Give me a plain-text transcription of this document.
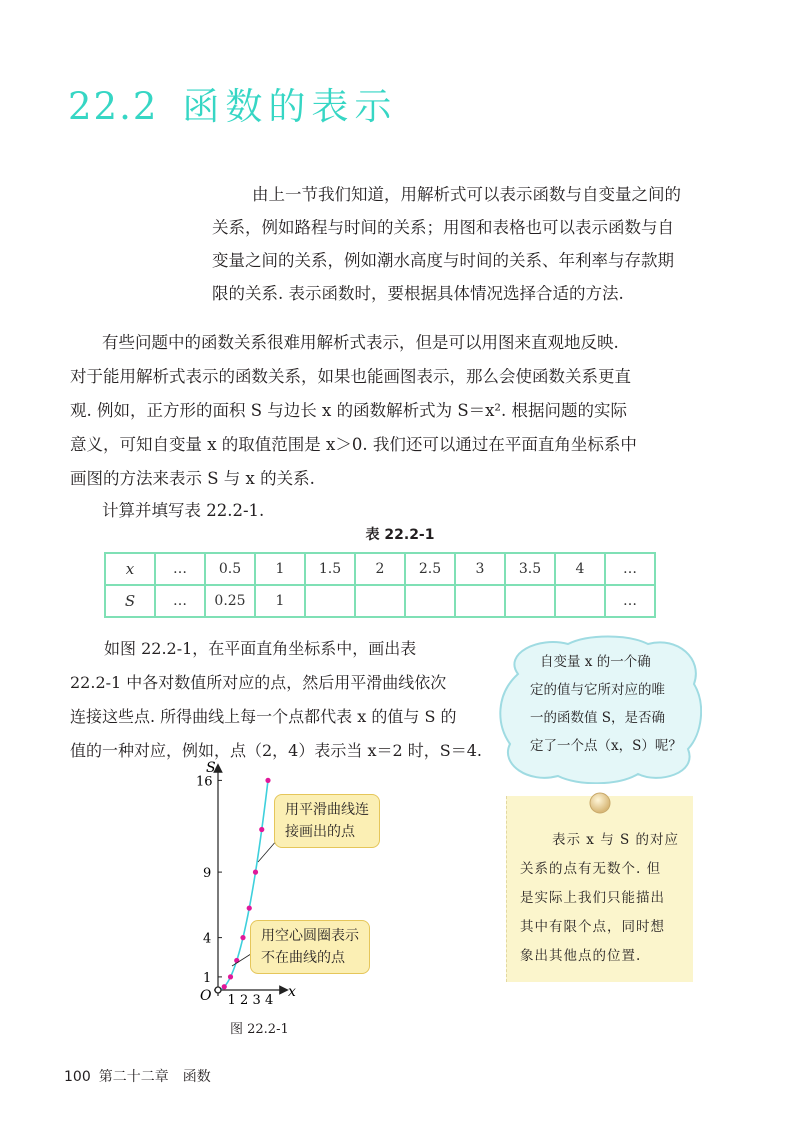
22.2 函数的表示
由上一节我们知道，用解析式可以表示函数与自变量之间的
关系，例如路程与时间的关系；用图和表格也可以表示函数与自
变量之间的关系，例如潮水高度与时间的关系、年利率与存款期
限的关系. 表示函数时，要根据具体情况选择合适的方法.
有些问题中的函数关系很难用解析式表示，但是可以用图来直观地反映.
对于能用解析式表示的函数关系，如果也能画图表示，那么会使函数关系更直
观. 例如，正方形的面积 S 与边长 x 的函数解析式为 S＝x². 根据问题的实际
意义，可知自变量 x 的取值范围是 x＞0. 我们还可以通过在平面直角坐标系中
画图的方法来表示 S 与 x 的关系.
计算并填写表 22.2-1.
表 22.2-1
x	…	0.5	1	1.5	2	2.5	3	3.5	4	…
S	…	0.25	1							…
如图 22.2-1，在平面直角坐标系中，画出表
22.2-1 中各对数值所对应的点，然后用平滑曲线依次
连接这些点. 所得曲线上每一个点都代表 x 的值与 S 的
值的一种对应，例如，点（2，4）表示当 x＝2 时，S＝4.
自变量 x 的一个确
定的值与它所对应的唯
一的函数值 S，是否确
定了一个点（x，S）呢？
表示 x 与 S 的对应
关系的点有无数个. 但
是实际上我们只能描出
其中有限个点，同时想
象出其他点的位置.
1 2 3 4
1
4
9
16
O	x
S
用平滑曲线连
接画出的点
用空心圆圈表示
不在曲线的点
图 22.2-1
100 第二十二章　函数
